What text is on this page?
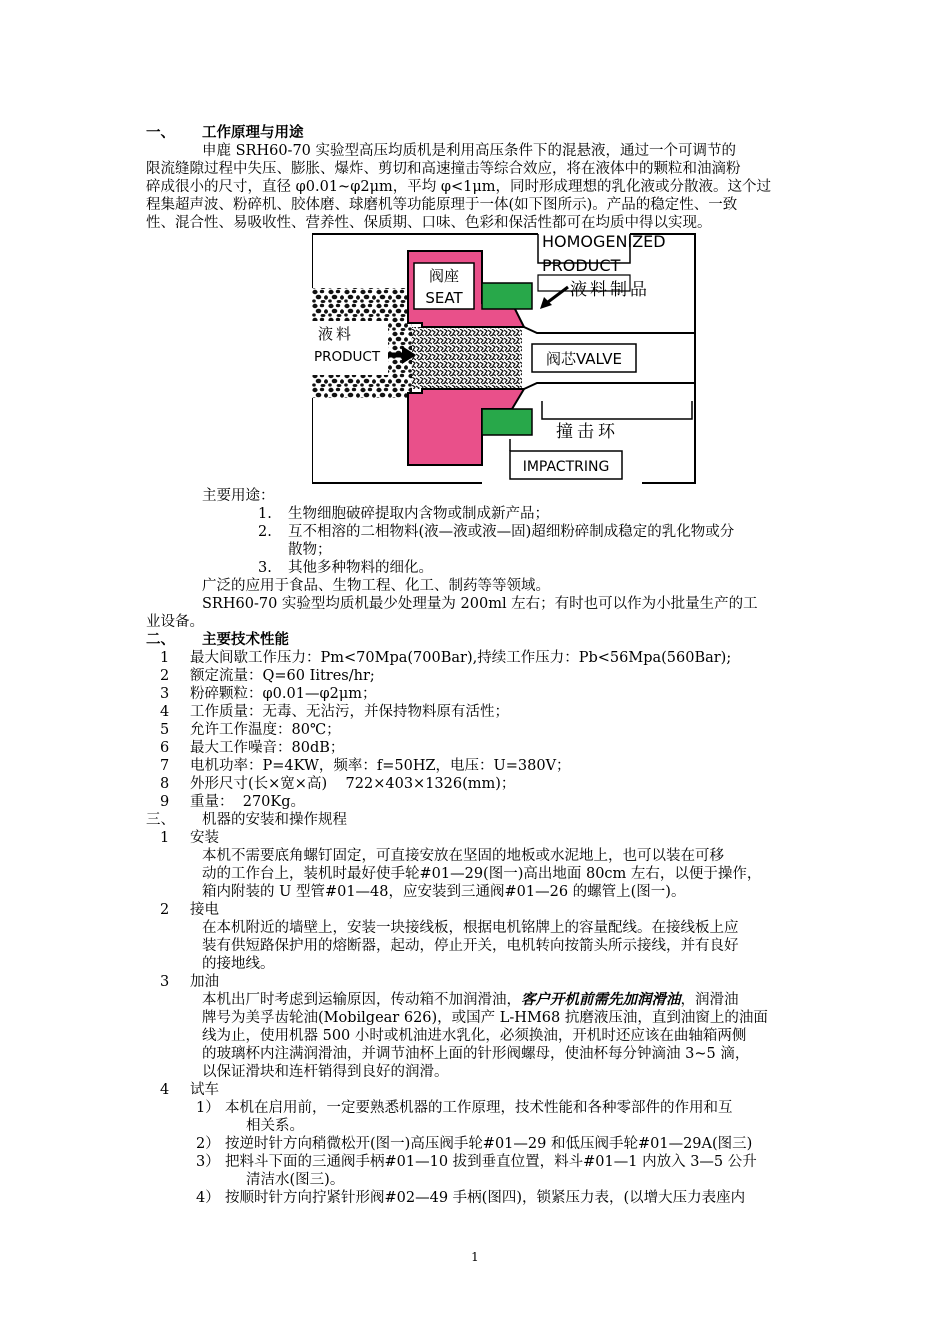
一、 工作原理与用途
申鹿 SRH60-70 实验型高压均质机是利用高压条件下的混悬液，通过一个可调节的
限流缝隙过程中失压、膨胀、爆炸、剪切和高速撞击等综合效应，将在液体中的颗粒和油滴粉
碎成很小的尺寸，直径 φ0.01~φ2μm，平均 φ<1μm，同时形成理想的乳化液或分散液。这个过
程集超声波、粉碎机、胶体磨、球磨机等功能原理于一体(如下图所示)。产品的稳定性、一致
性、混合性、易吸收性、营养性、保质期、口味、色彩和保活性都可在均质中得以实现。
阀座
SEAT
HOMOGENIZED
PRODUCT
液料制品
液料
PRODUCT	阀芯VALVE
撞击环
IMPACTRING
主要用途：
1. 生物细胞破碎提取内含物或制成新产品；
2. 互不相溶的二相物料(液—液或液—固)超细粉碎制成稳定的乳化物或分
散物；
3. 其他多种物料的细化。
广泛的应用于食品、生物工程、化工、制药等等领域。
SRH60-70 实验型均质机最少处理量为 200ml 左右；有时也可以作为小批量生产的工
业设备。
二、 主要技术性能
1 最大间歇工作压力：Pm<70Mpa(700Bar),持续工作压力：Pb<56Mpa(560Bar);
2 额定流量：Q=60 Iitres/hr;
3 粉碎颗粒：φ0.01—φ2μm；
4 工作质量：无毒、无沾污，并保持物料原有活性；
5 允许工作温度：80℃；
6 最大工作噪音：80dB；
7 电机功率：P=4KW，频率：f=50HZ，电压：U=380V；
8 外形尺寸(长×宽×高)    722×403×1326(mm)；
9 重量：  270Kg。
三、 机器的安装和操作规程
1 安装
本机不需要底角螺钉固定，可直接安放在坚固的地板或水泥地上，也可以装在可移
动的工作台上，装机时最好使手轮#01—29(图一)高出地面 80cm 左右，以便于操作，
箱内附装的 U 型管#01—48，应安装到三通阀#01—26 的螺管上(图一)。
2 接电
在本机附近的墙壁上，安装一块接线板，根据电机铭牌上的容量配线。在接线板上应
装有供短路保护用的熔断器，起动，停止开关，电机转向按箭头所示接线，并有良好
的接地线。
3 加油
本机出厂时考虑到运输原因，传动箱不加润滑油，客户开机前需先加润滑油，润滑油
牌号为美孚齿轮油(Mobilgear 626)，或国产 L-HM68 抗磨液压油，直到油窗上的油面
线为止，使用机器 500 小时或机油进水乳化，必须换油，开机时还应该在曲轴箱两侧
的玻璃杯内注满润滑油，并调节油杯上面的针形阀螺母，使油杯每分钟滴油 3~5 滴，
以保证滑块和连杆销得到良好的润滑。
4 试车
1） 本机在启用前，一定要熟悉机器的工作原理，技术性能和各种零部件的作用和互
相关系。
2） 按逆时针方向稍微松开(图一)高压阀手轮#01—29 和低压阀手轮#01—29A(图三)
3） 把料斗下面的三通阀手柄#01—10 拔到垂直位置，料斗#01—1 内放入 3—5 公升
清洁水(图三)。
4） 按顺时针方向拧紧针形阀#02—49 手柄(图四)，锁紧压力表，(以增大压力表座内
1
